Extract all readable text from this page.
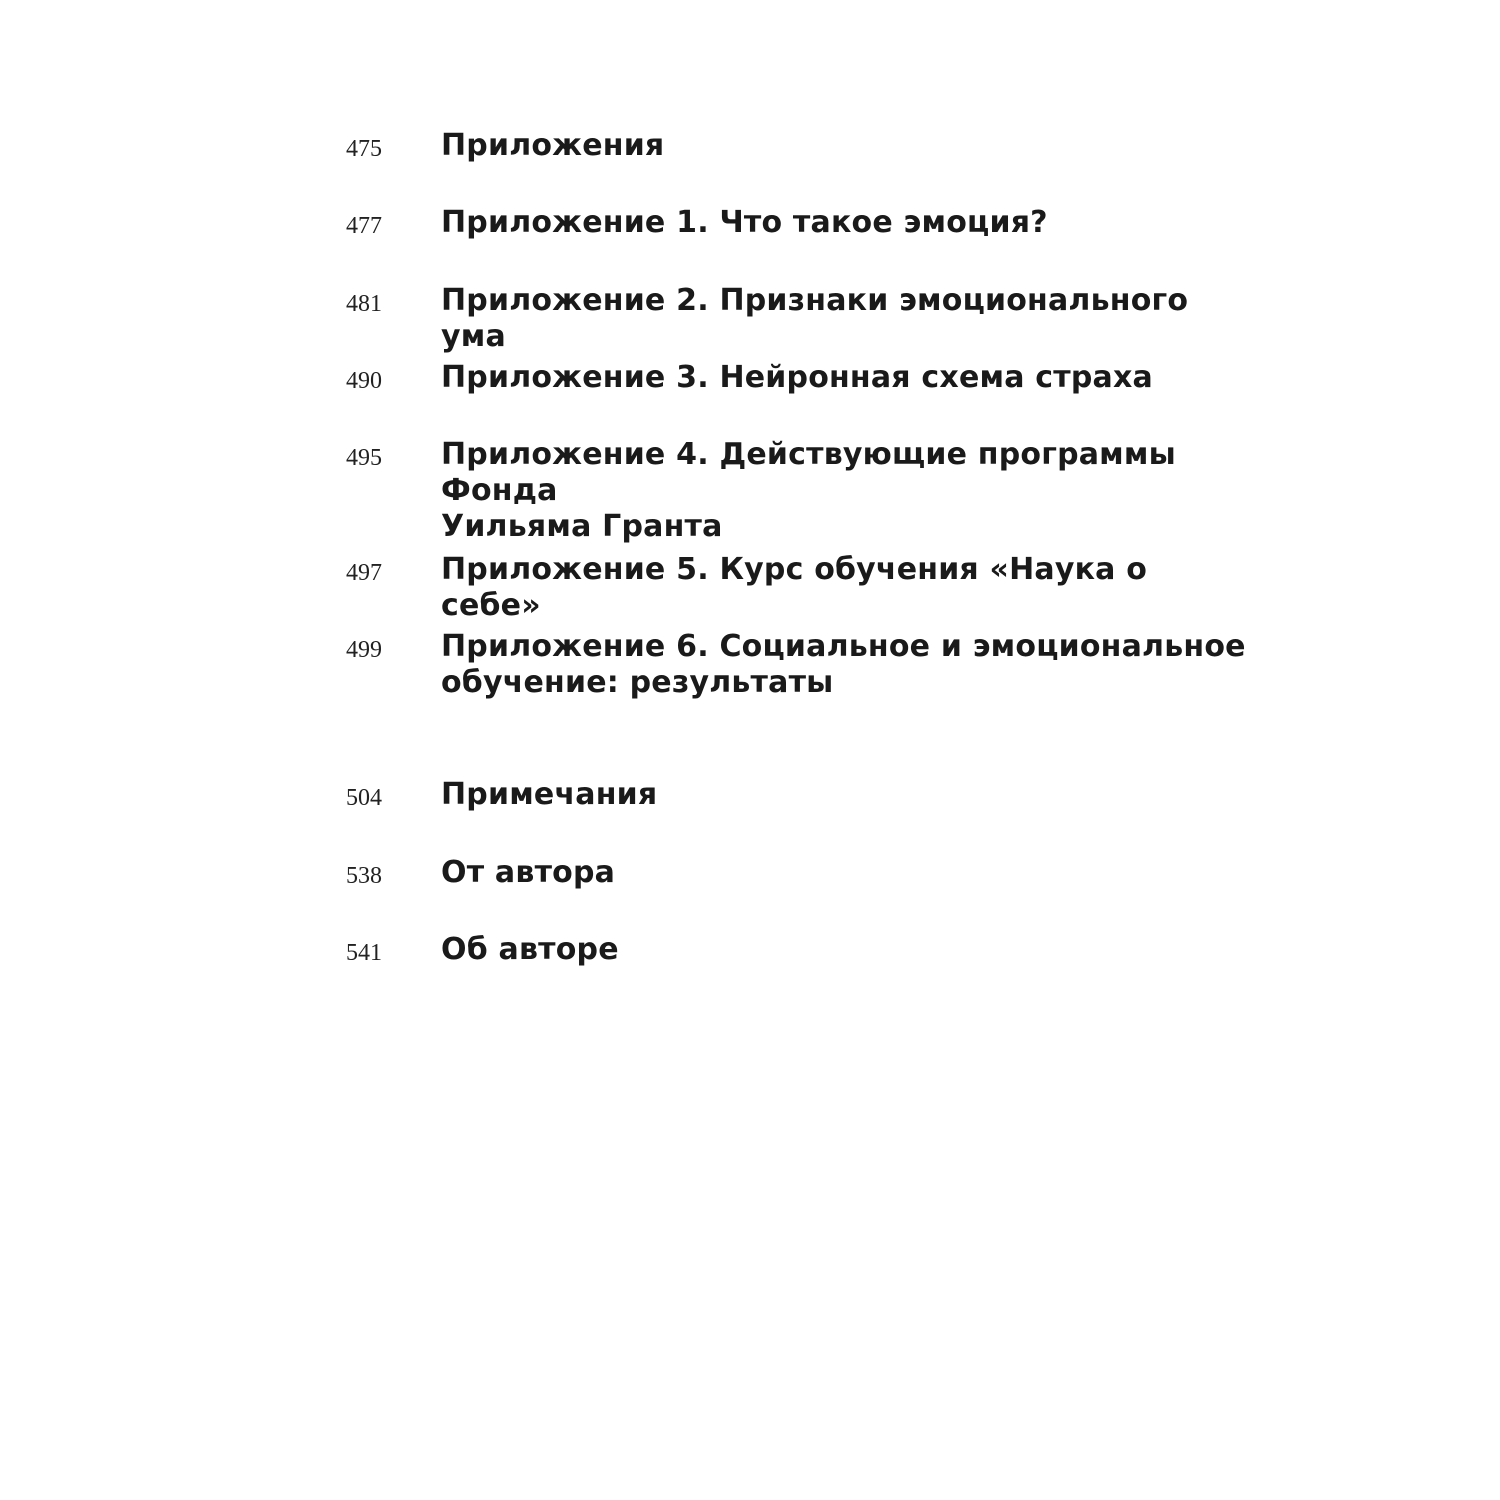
475	Приложения
477	Приложение 1. Что такое эмоция?
481	Приложение 2. Признаки эмоционального ума
490	Приложение 3. Нейронная схема страха
495	Приложение 4. Действующие программы Фонда
Уильяма Гранта
497	Приложение 5. Курс обучения «Наука о себе»
499	Приложение 6. Социальное и эмоциональное
обучение: результаты
504	Примечания
538	От автора
541	Об авторе
